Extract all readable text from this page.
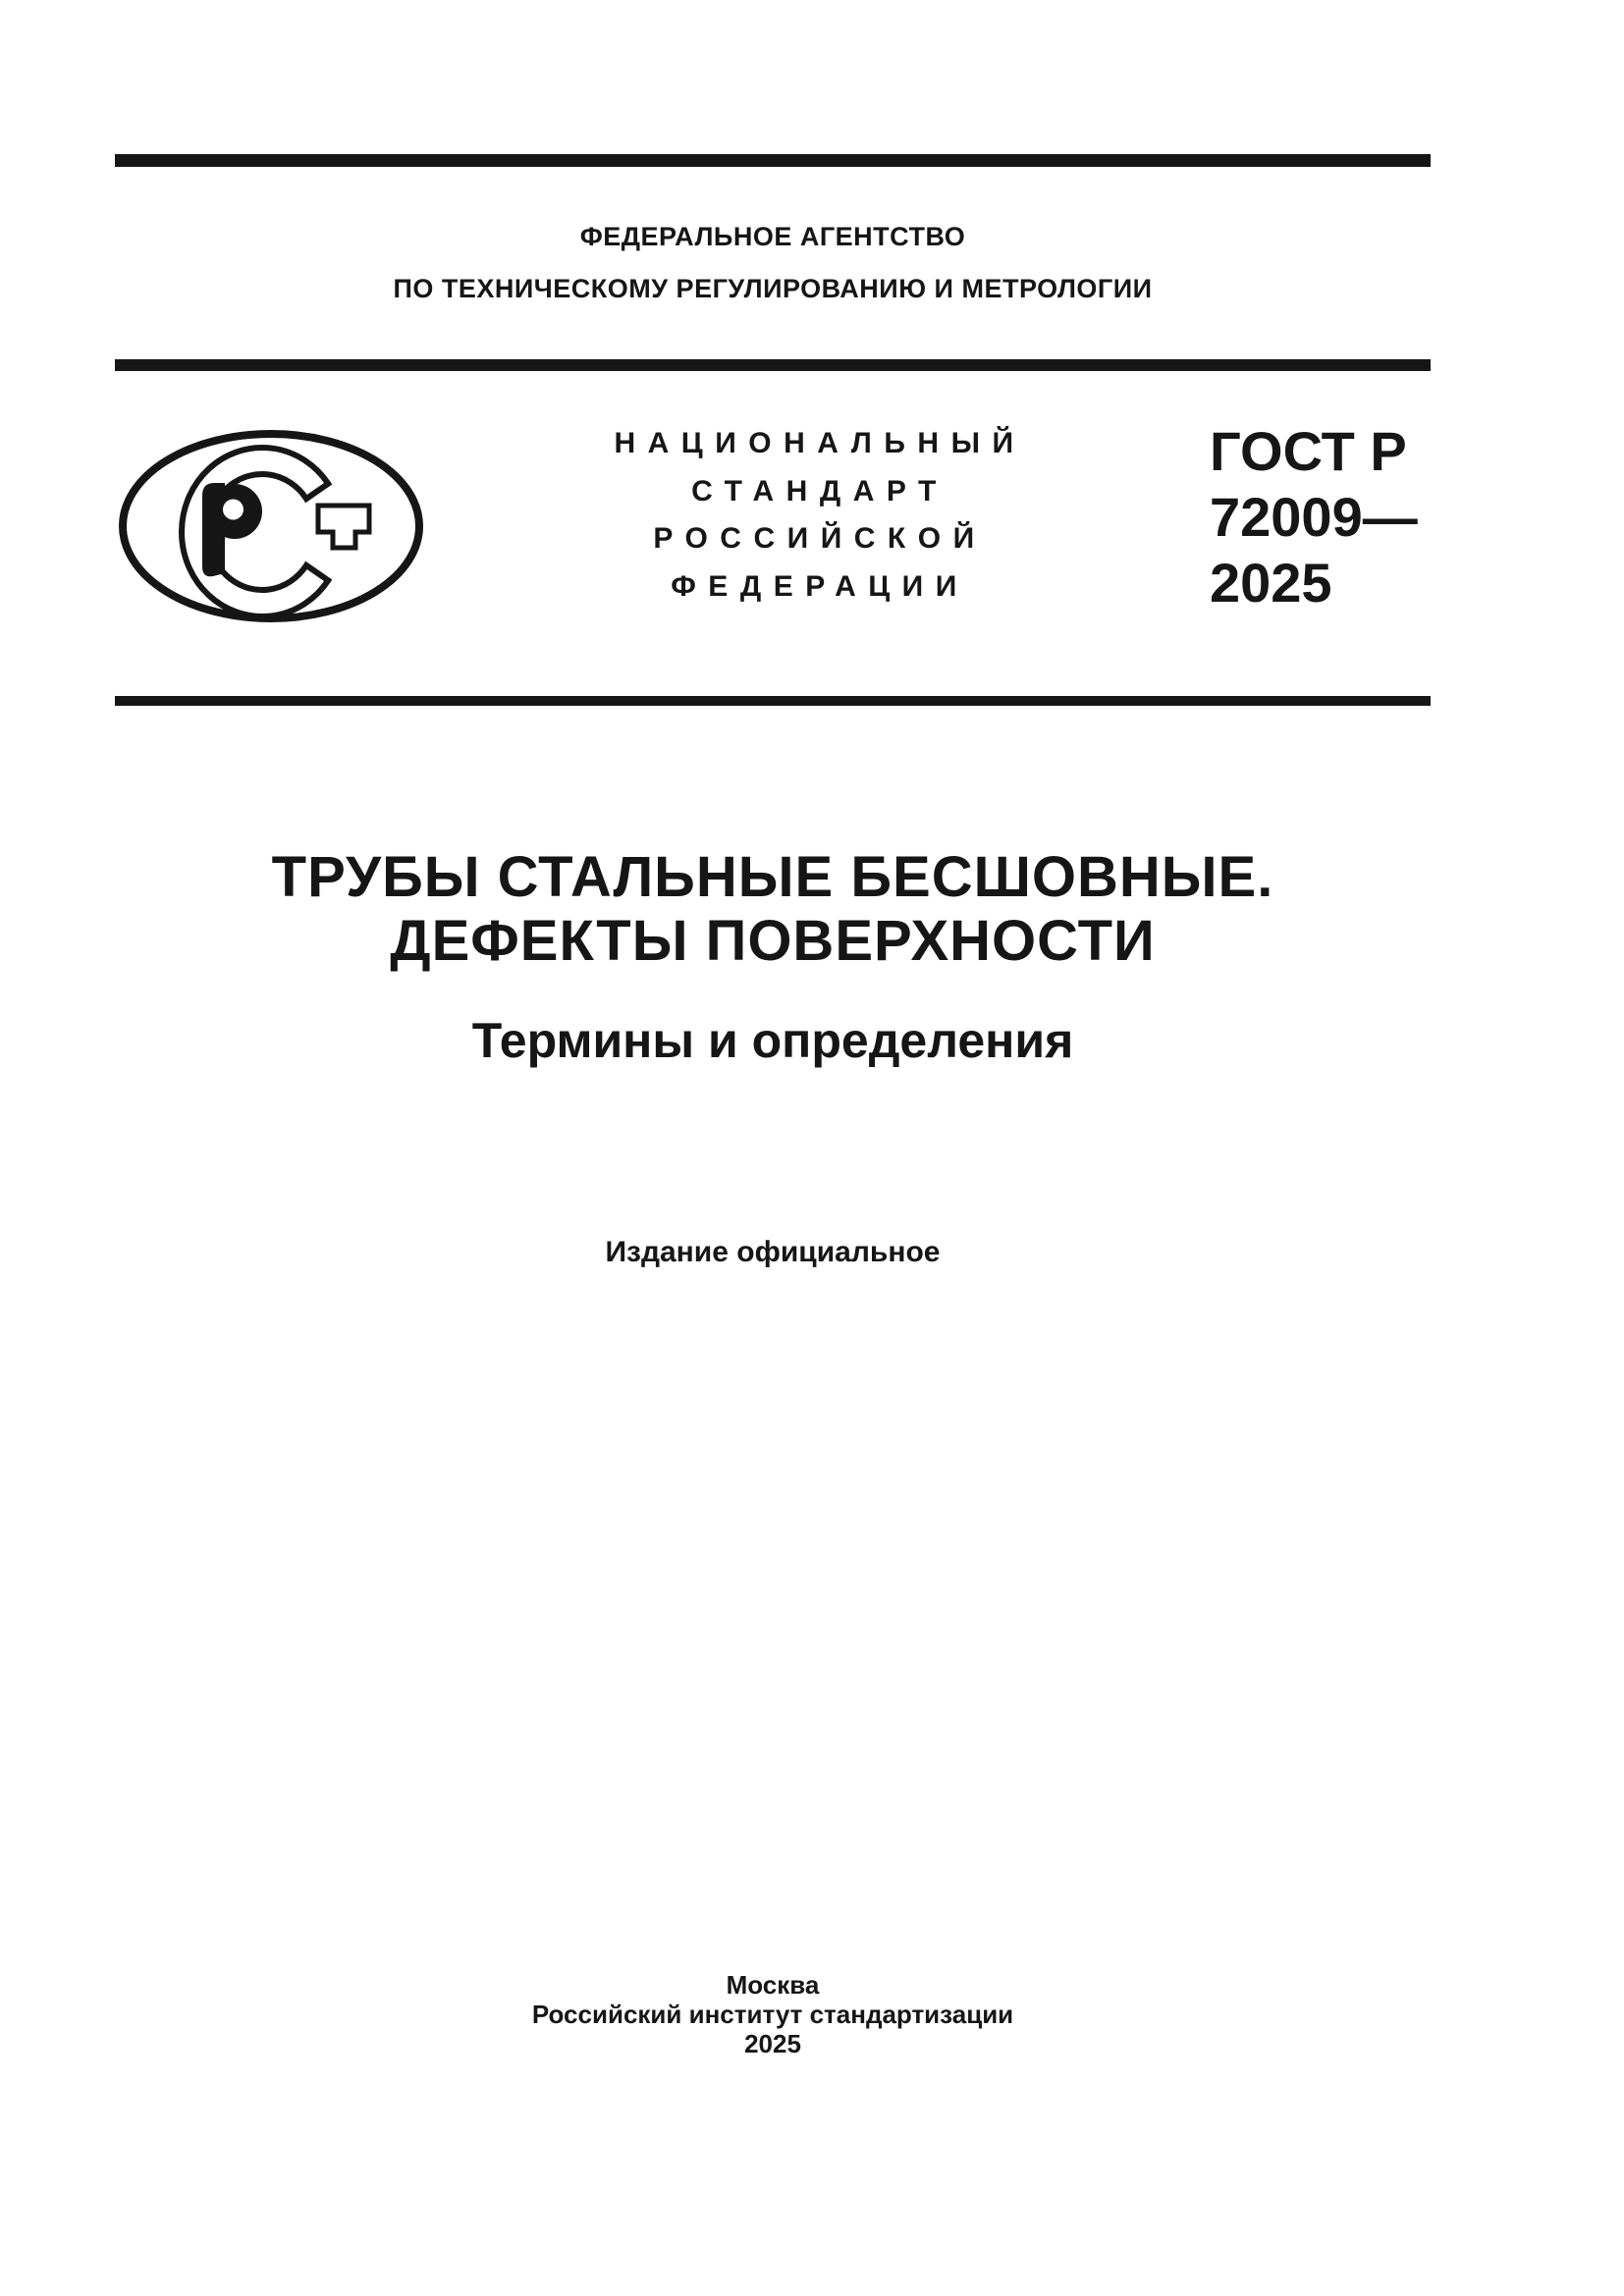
ФЕДЕРАЛЬНОЕ АГЕНТСТВО
ПО ТЕХНИЧЕСКОМУ РЕГУЛИРОВАНИЮ И МЕТРОЛОГИИ
НАЦИОНАЛЬНЫЙ
СТАНДАРТ
РОССИЙСКОЙ
ФЕДЕРАЦИИ
ГОСТ Р
72009—
2025
ТРУБЫ СТАЛЬНЫЕ БЕСШОВНЫЕ.
ДЕФЕКТЫ ПОВЕРХНОСТИ
Термины и определения
Издание официальное
Москва
Российский институт стандартизации
2025
